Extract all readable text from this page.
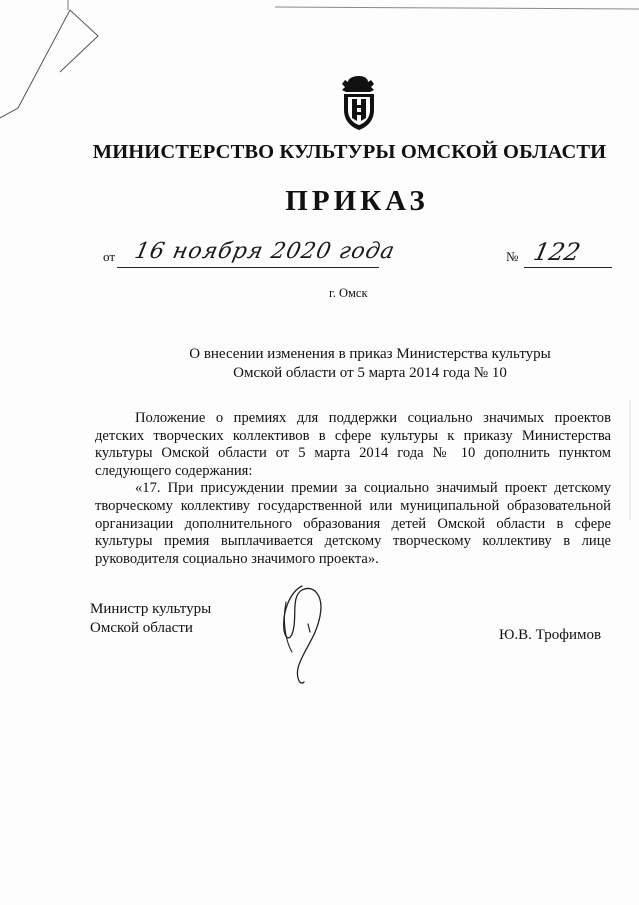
МИНИСТЕРСТВО КУЛЬТУРЫ ОМСКОЙ ОБЛАСТИ
ПРИКАЗ
от 16 ноября 2020 года	№ 122
г. Омск
О внесении изменения в приказ Министерства культуры
Омской области от 5 марта 2014 года № 10

Положение о премиях для поддержки социально значимых проектов детских творческих коллективов в сфере культуры к приказу Министерства культуры Омской области от 5 марта 2014 года № 10 дополнить пунктом следующего содержания:

«17. При присуждении премии за социально значимый проект детскому творческому коллективу государственной или муниципальной образовательной организации дополнительного образования детей Омской области в сфере культуры премия выплачивается детскому творческому коллективу в лице руководителя социально значимого проекта».

Министр культуры
Омской области	Ю.В. Трофимов
